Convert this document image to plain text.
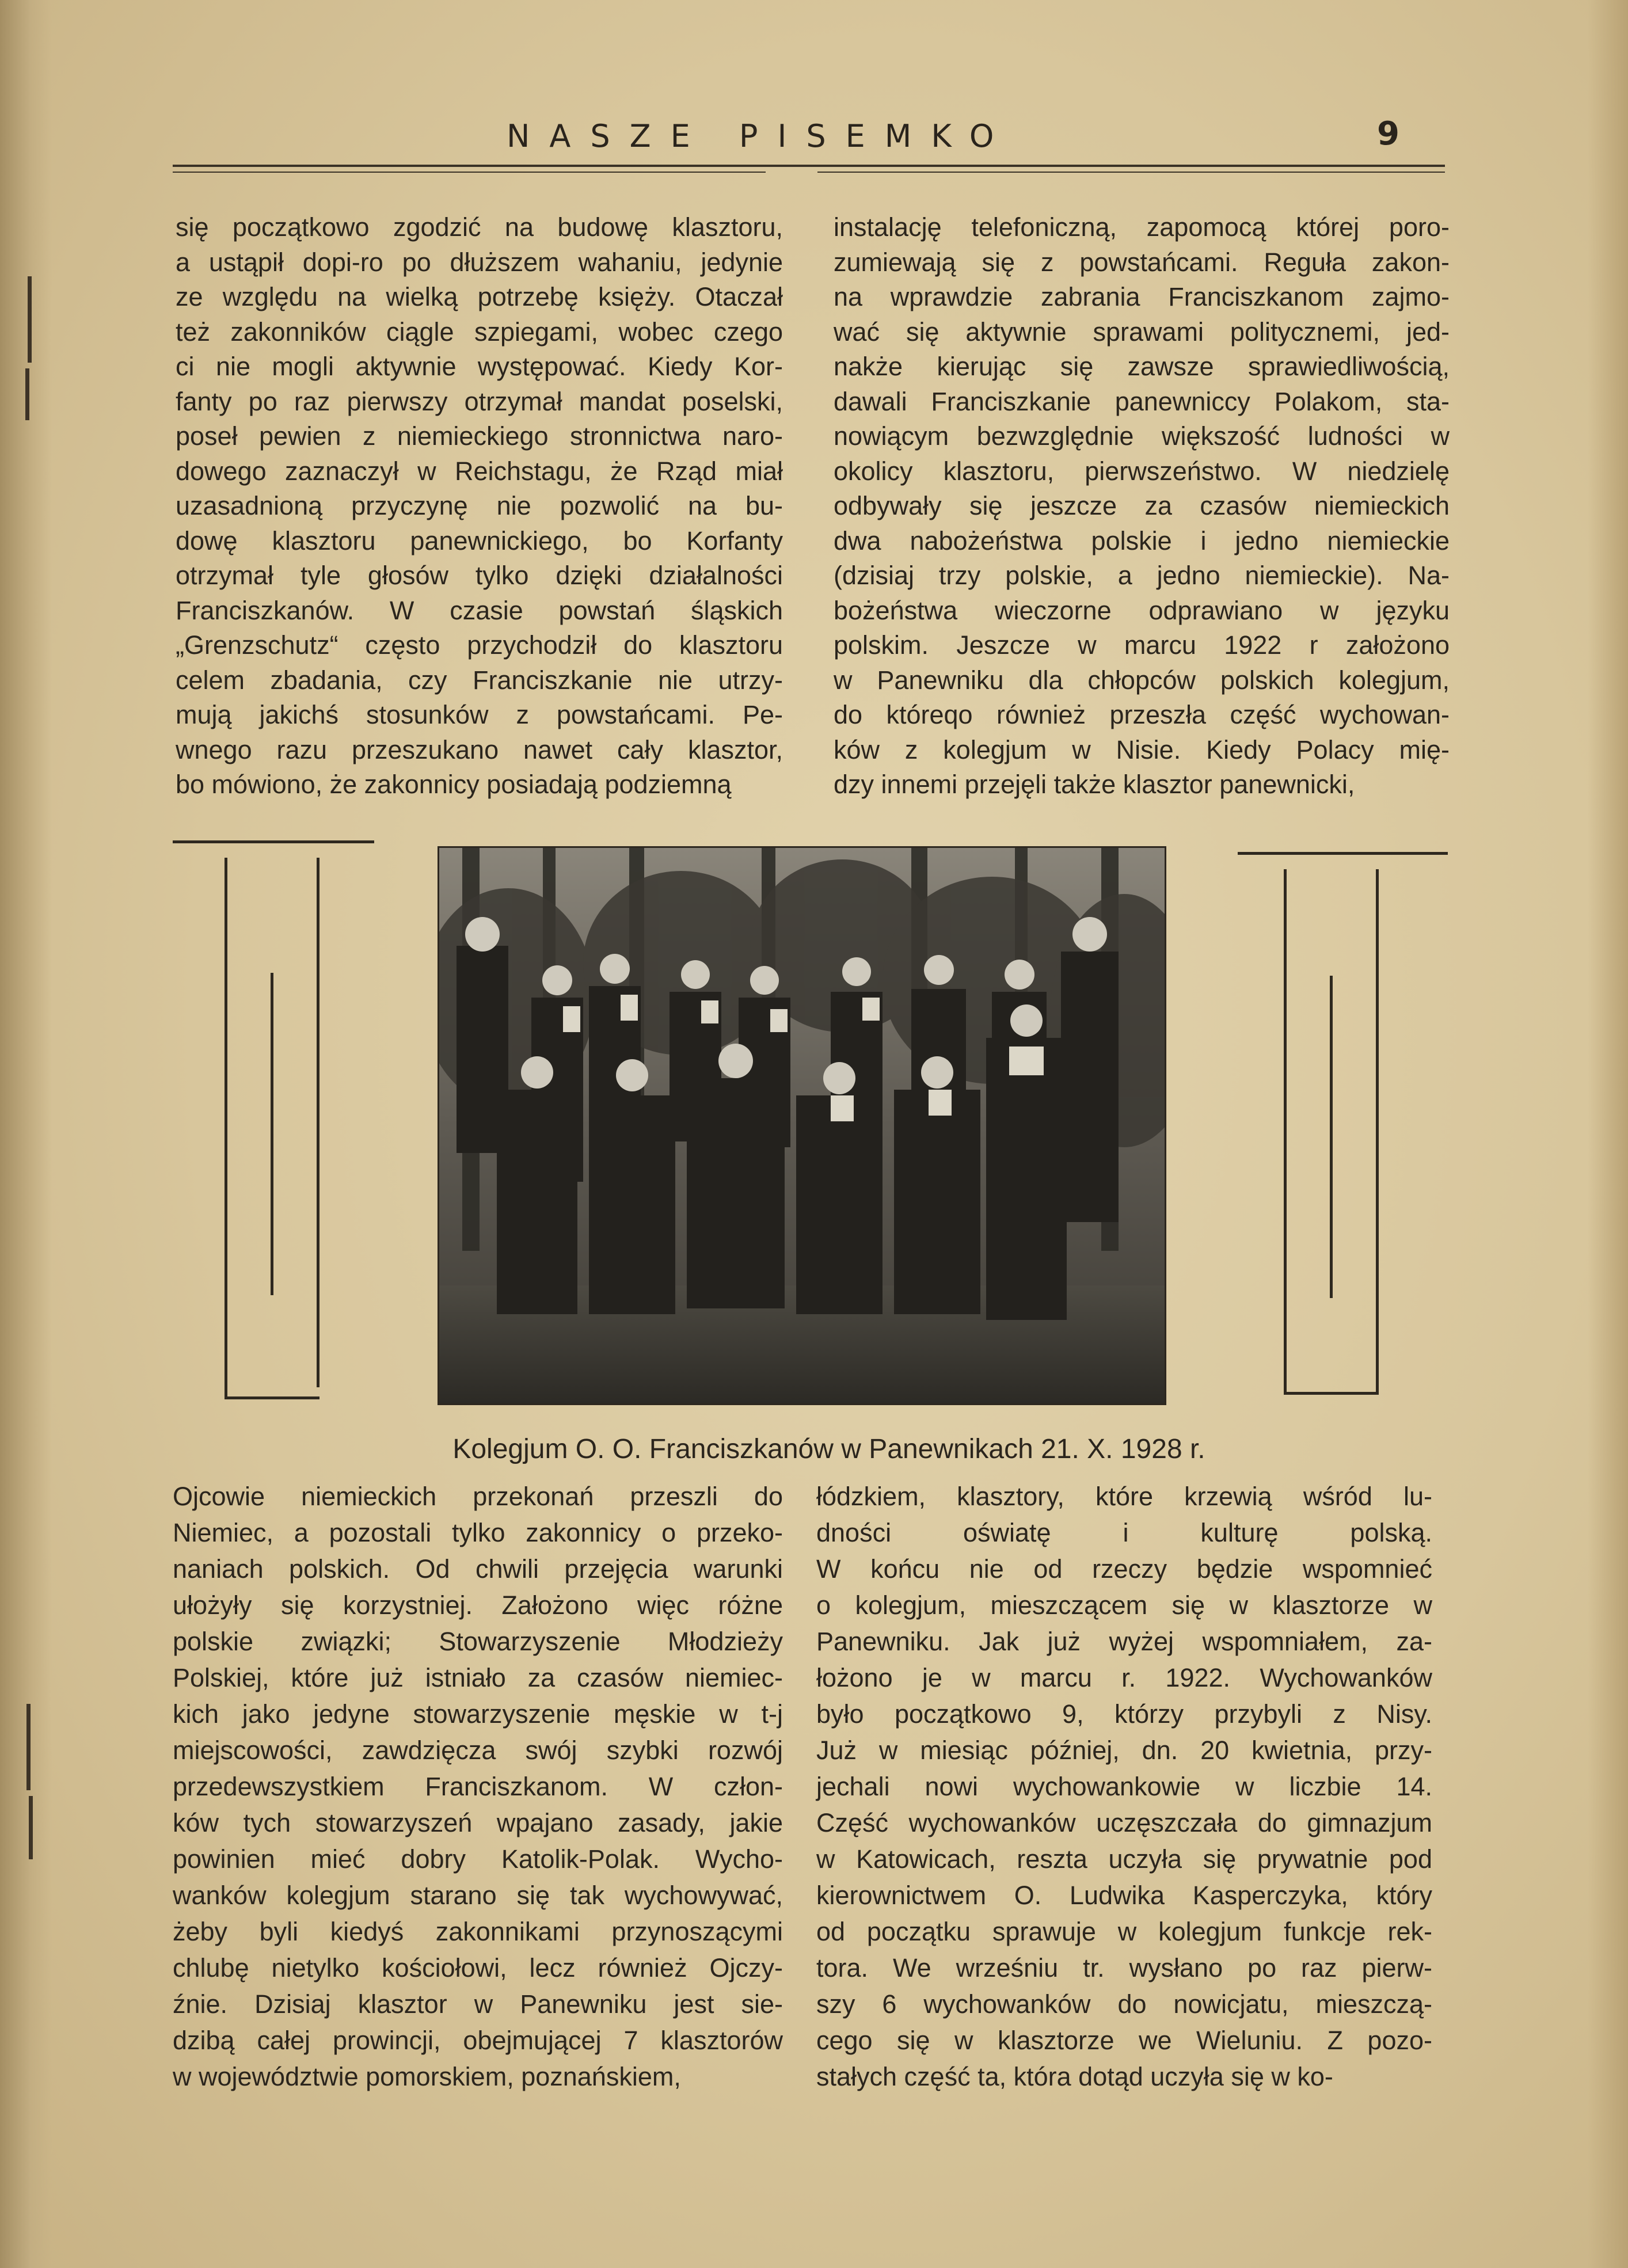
NASZE PISEMKO	9
się początkowo zgodzić na budowę klasztoru,
a ustąpił dopi-ro po dłuższem wahaniu, jedynie
ze względu na wielką potrzebę księży. Otaczał
też zakonników ciągle szpiegami, wobec czego
ci nie mogli aktywnie występować. Kiedy Kor-
fanty po raz pierwszy otrzymał mandat poselski,
poseł pewien z niemieckiego stronnictwa naro-
dowego zaznaczył w Reichstagu, że Rząd miał
uzasadnioną przyczynę nie pozwolić na bu-
dowę klasztoru panewnickiego, bo Korfanty
otrzymał tyle głosów tylko dzięki działalności
Franciszkanów. W czasie powstań śląskich
„Grenzschutz“ często przychodził do klasztoru
celem zbadania, czy Franciszkanie nie utrzy-
mują jakichś stosunków z powstańcami. Pe-
wnego razu przeszukano nawet cały klasztor,
bo mówiono, że zakonnicy posiadają podziemną
instalację telefoniczną, zapomocą której poro-
zumiewają się z powstańcami. Reguła zakon-
na wprawdzie zabrania Franciszkanom zajmo-
wać się aktywnie sprawami politycznemi, jed-
nakże kierując się zawsze sprawiedliwością,
dawali Franciszkanie panewniccy Polakom, sta-
nowiącym bezwzględnie większość ludności w
okolicy klasztoru, pierwszeństwo. W niedzielę
odbywały się jeszcze za czasów niemieckich
dwa nabożeństwa polskie i jedno niemieckie
(dzisiaj trzy polskie, a jedno niemieckie). Na-
bożeństwa wieczorne odprawiano w języku
polskim. Jeszcze w marcu 1922 r założono
w Panewniku dla chłopców polskich kolegjum,
do któreqo również przeszła część wychowan-
ków z kolegjum w Nisie. Kiedy Polacy mię-
dzy innemi przejęli także klasztor panewnicki,
Kolegjum O. O. Franciszkanów w Panewnikach 21. X. 1928 r.
Ojcowie niemieckich przekonań przeszli do
Niemiec, a pozostali tylko zakonnicy o przeko-
naniach polskich. Od chwili przejęcia warunki
ułożyły się korzystniej. Założono więc różne
polskie związki; Stowarzyszenie Młodzieży
Polskiej, które już istniało za czasów niemiec-
kich jako jedyne stowarzyszenie męskie w t-j
miejscowości, zawdzięcza swój szybki rozwój
przedewszystkiem Franciszkanom. W człon-
ków tych stowarzyszeń wpajano zasady, jakie
powinien mieć dobry Katolik-Polak. Wycho-
wanków kolegjum starano się tak wychowywać,
żeby byli kiedyś zakonnikami przynoszącymi
chlubę nietylko kościołowi, lecz również Ojczy-
źnie. Dzisiaj klasztor w Panewniku jest sie-
dzibą całej prowincji, obejmującej 7 klasztorów
w województwie pomorskiem, poznańskiem,
łódzkiem, klasztory, które krzewią wśród lu-
dności oświatę i kulturę polską.
W końcu nie od rzeczy będzie wspomnieć
o kolegjum, mieszczącem się w klasztorze w
Panewniku. Jak już wyżej wspomniałem, za-
łożono je w marcu r. 1922. Wychowanków
było początkowo 9, którzy przybyli z Nisy.
Już w miesiąc później, dn. 20 kwietnia, przy-
jechali nowi wychowankowie w liczbie 14.
Część wychowanków uczęszczała do gimnazjum
w Katowicach, reszta uczyła się prywatnie pod
kierownictwem O. Ludwika Kasperczyka, który
od początku sprawuje w kolegjum funkcje rek-
tora. We wrześniu tr. wysłano po raz pierw-
szy 6 wychowanków do nowicjatu, mieszczą-
cego się w klasztorze we Wieluniu. Z pozo-
stałych część ta, która dotąd uczyła się w ko-
